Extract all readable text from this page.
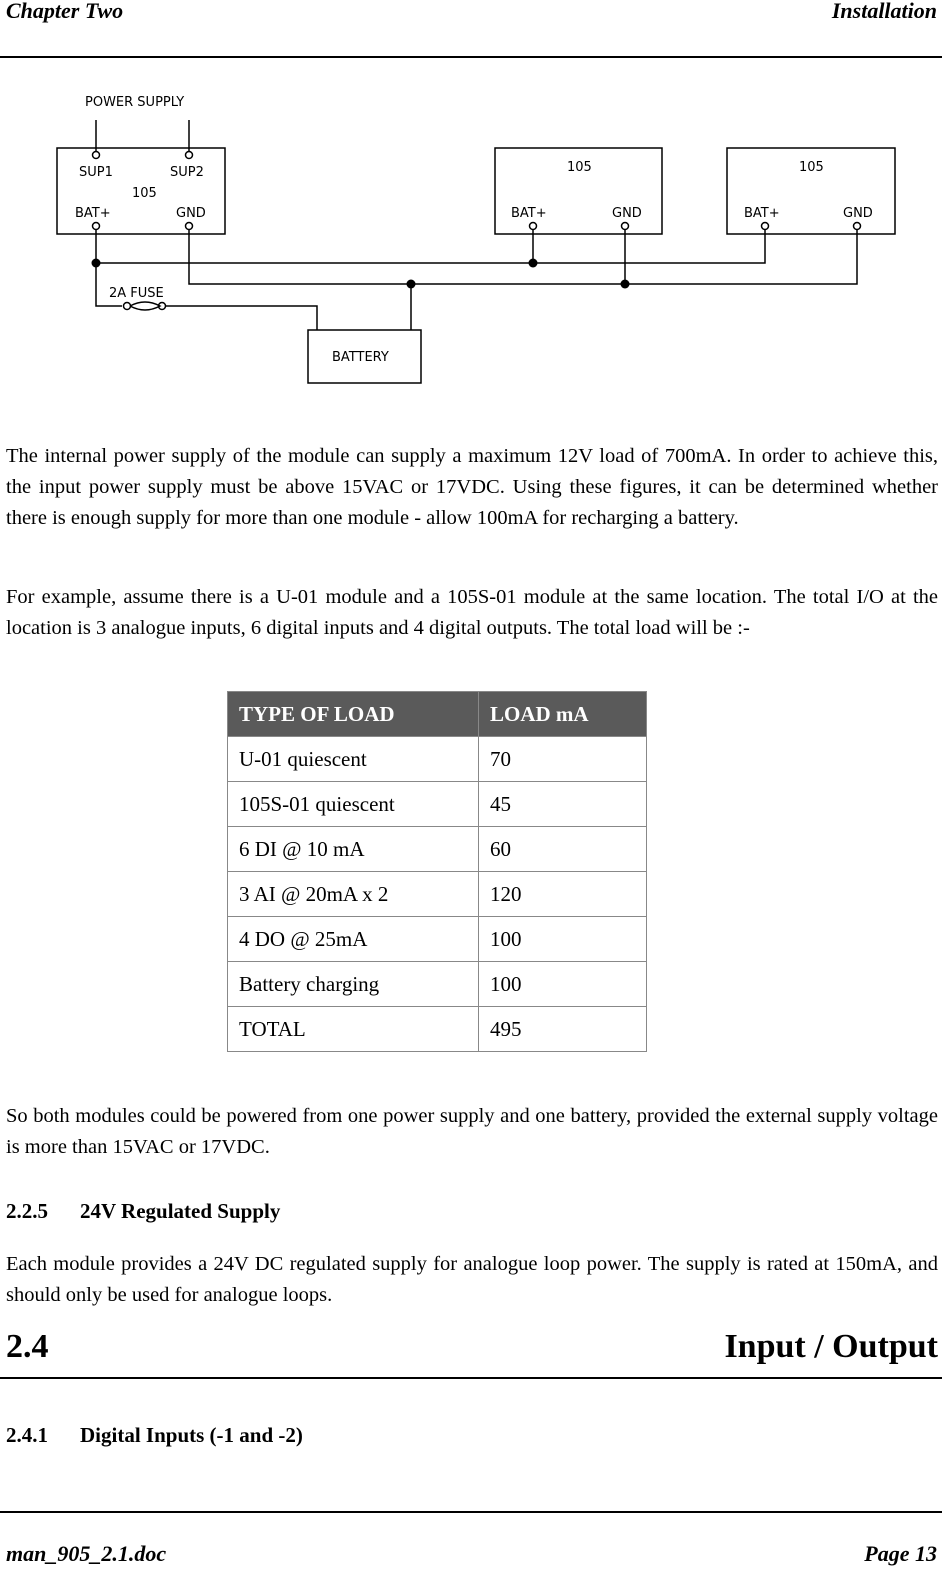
Chapter Two	Installation
POWER SUPPLY
SUP1	SUP2
105
BAT+	GND
105
BAT+	GND
105
BAT+	GND
2A FUSE
BATTERY
The internal power supply of the module can supply a maximum 12V load of 700mA. In order to achieve this, the input power supply must be above 15VAC or 17VDC. Using these figures, it can be determined whether there is enough supply for more than one module - allow 100mA for recharging a battery.
For example, assume there is a U-01 module and a 105S-01 module at the same location. The total I/O at the location is 3 analogue inputs, 6 digital inputs and 4 digital outputs. The total load will be :-
TYPE OF LOAD	LOAD mA
U-01 quiescent	70
105S-01 quiescent	45
6 DI @ 10 mA	60
3 AI @ 20mA x 2	120
4 DO @ 25mA	100
Battery charging	100
TOTAL	495
So both modules could be powered from one power supply and one battery, provided the external supply voltage is more than 15VAC or 17VDC.
2.2.5 24V Regulated Supply
Each module provides a 24V DC regulated supply for analogue loop power. The supply is rated at 150mA, and should only be used for analogue loops.
2.4	Input / Output
2.4.1 Digital Inputs (-1 and -2)
man_905_2.1.doc	Page 13
